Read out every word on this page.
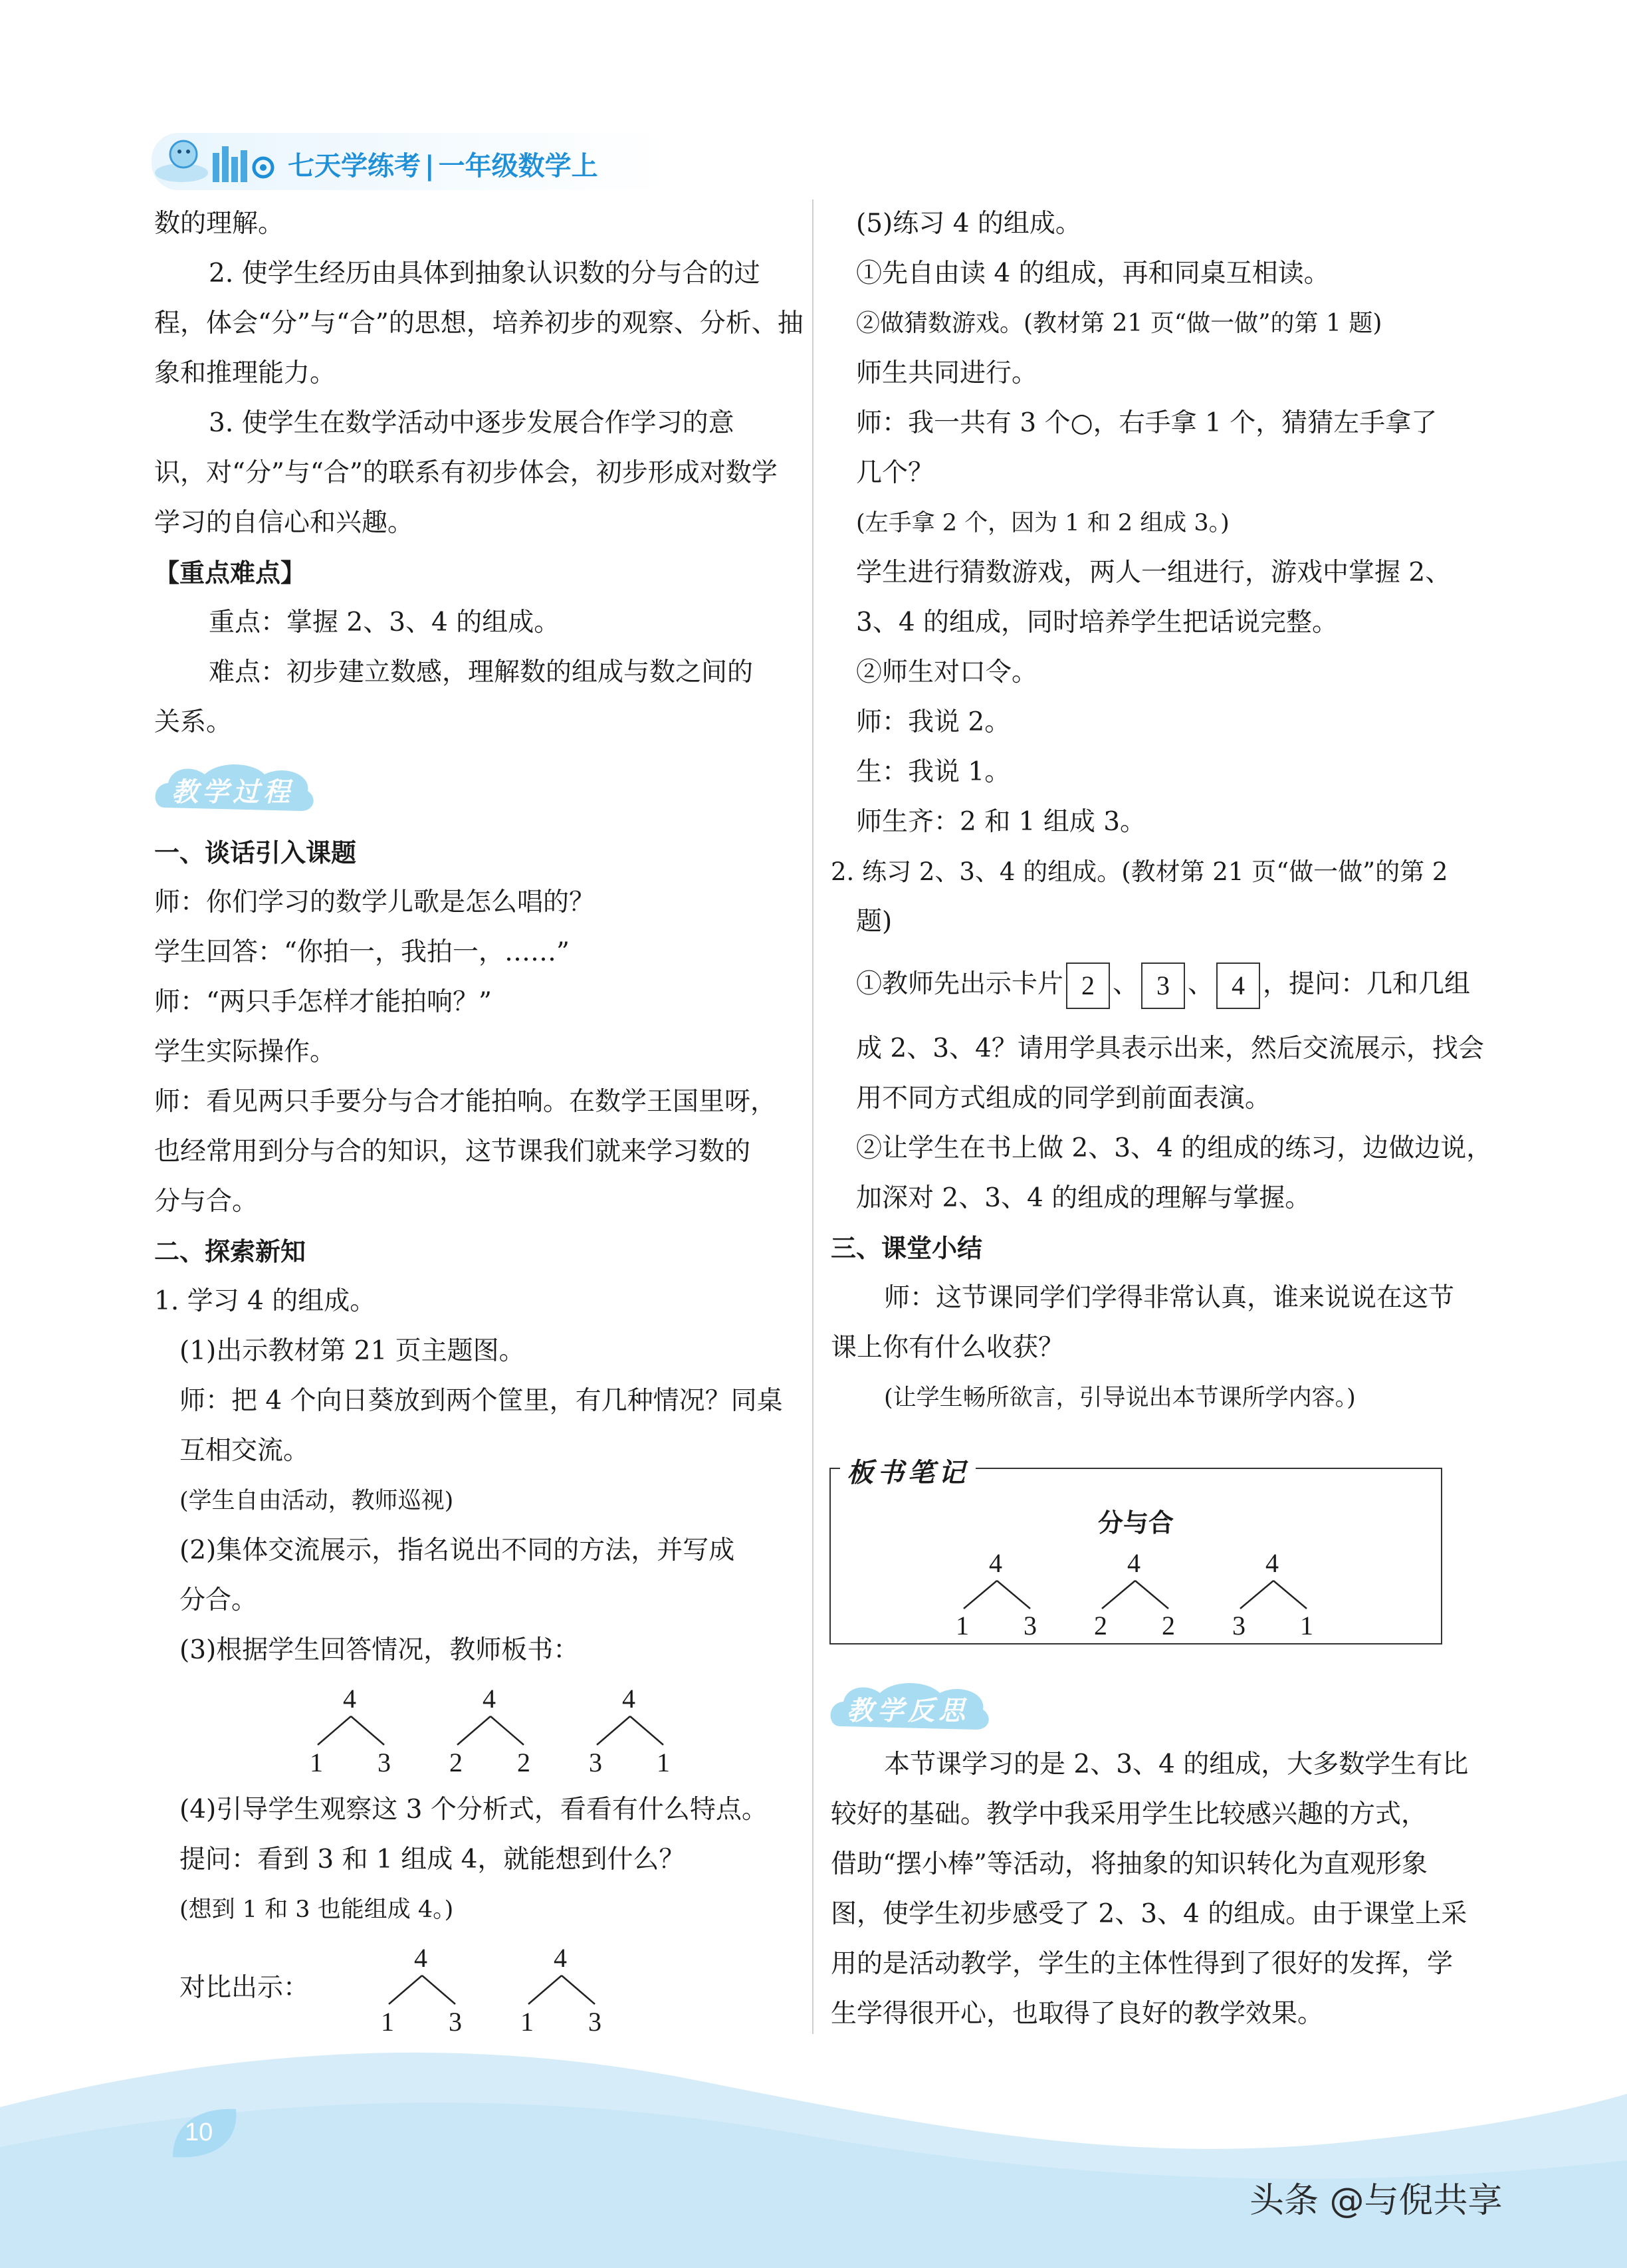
七天学练考 | 一年级数学上
数的理解。
2. 使学生经历由具体到抽象认识数的分与合的过
程，体会“分”与“合”的思想，培养初步的观察、分析、抽
象和推理能力。
3. 使学生在数学活动中逐步发展合作学习的意
识，对“分”与“合”的联系有初步体会，初步形成对数学
学习的自信心和兴趣。
【重点难点】
重点：掌握 2、3、4 的组成。
难点：初步建立数感，理解数的组成与数之间的
关系。
教学过程
一、谈话引入课题
师：你们学习的数学儿歌是怎么唱的？
学生回答：“你拍一，我拍一，……”
师：“两只手怎样才能拍响？”
学生实际操作。
师：看见两只手要分与合才能拍响。在数学王国里呀，
也经常用到分与合的知识，这节课我们就来学习数的
分与合。
二、探索新知
1. 学习 4 的组成。
(1)出示教材第 21 页主题图。
师：把 4 个向日葵放到两个筐里，有几种情况？同桌
互相交流。
(学生自由活动，教师巡视)
(2)集体交流展示，指名说出不同的方法，并写成
分合。
(3)根据学生回答情况，教师板书：
4
1 3
4
2 2
4
3 1
(4)引导学生观察这 3 个分析式，看看有什么特点。
提问：看到 3 和 1 组成 4，就能想到什么？
(想到 1 和 3 也能组成 4。)
对比出示：
4
1 3
4
1 3
(5)练习 4 的组成。
①先自由读 4 的组成，再和同桌互相读。
②做猜数游戏。(教材第 21 页“做一做”的第 1 题)
师生共同进行。
师：我一共有 3 个○，右手拿 1 个，猜猜左手拿了
几个？
(左手拿 2 个，因为 1 和 2 组成 3。)
学生进行猜数游戏，两人一组进行，游戏中掌握 2、
3、4 的组成，同时培养学生把话说完整。
②师生对口令。
师：我说 2。
生：我说 1。
师生齐：2 和 1 组成 3。
2. 练习 2、3、4 的组成。(教材第 21 页“做一做”的第 2
题)
①教师先出示卡片 2 、 3 、 4 ，提问：几和几组
成 2、3、4？请用学具表示出来，然后交流展示，找会
用不同方式组成的同学到前面表演。
②让学生在书上做 2、3、4 的组成的练习，边做边说，
加深对 2、3、4 的组成的理解与掌握。
三、课堂小结
师：这节课同学们学得非常认真，谁来说说在这节
课上你有什么收获？
(让学生畅所欲言，引导说出本节课所学内容。)
板书笔记
分与合
4
1 3
4
2 2
4
3 1
教学反思
本节课学习的是 2、3、4 的组成，大多数学生有比
较好的基础。教学中我采用学生比较感兴趣的方式，
借助“摆小棒”等活动，将抽象的知识转化为直观形象
图，使学生初步感受了 2、3、4 的组成。由于课堂上采
用的是活动教学，学生的主体性得到了很好的发挥，学
生学得很开心，也取得了良好的教学效果。
10
头条 @与倪共享
